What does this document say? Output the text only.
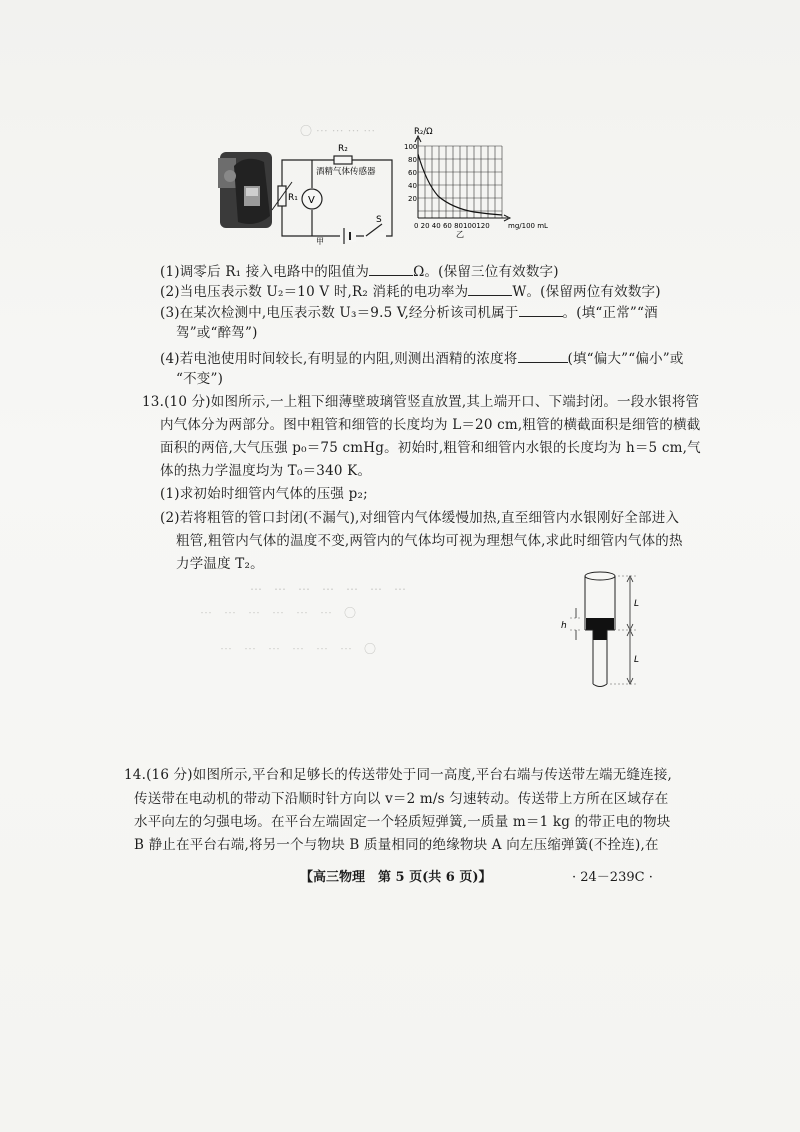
〇 ⋯ ⋯ ⋯ ⋯
R₂
酒精气体传感器
R₁ V
S
甲
R₂/Ω
100
80
60
40
20
0 20 40 60 80100120	mg/100 mL
乙
(1)调零后 R₁ 接入电路中的阻值为	Ω。(保留三位有效数字)
(2)当电压表示数 U₂＝10 V 时,R₂ 消耗的电功率为	W。(保留两位有效数字)
(3)在某次检测中,电压表示数 U₃＝9.5 V,经分析该司机属于	。(填“正常”“酒
驾”或“醉驾”)
(4)若电池使用时间较长,有明显的内阻,则测出酒精的浓度将	(填“偏大”“偏小”或
“不变”)
13.(10 分)如图所示,一上粗下细薄壁玻璃管竖直放置,其上端开口、下端封闭。一段水银将管
内气体分为两部分。图中粗管和细管的长度均为 L＝20 cm,粗管的横截面积是细管的横截
面积的两倍,大气压强 p₀＝75 cmHg。初始时,粗管和细管内水银的长度均为 h＝5 cm,气
体的热力学温度均为 T₀＝340 K。
(1)求初始时细管内气体的压强 p₂;
(2)若将粗管的管口封闭(不漏气),对细管内气体缓慢加热,直至细管内水银刚好全部进入
粗管,粗管内气体的温度不变,两管内的气体均可视为理想气体,求此时细管内气体的热
力学温度 T₂。
⋯　⋯　⋯　⋯　⋯　⋯　⋯
⋯　⋯　⋯　⋯　⋯　⋯　〇
⋯　⋯　⋯　⋯　⋯　⋯　〇
L
L
h
14.(16 分)如图所示,平台和足够长的传送带处于同一高度,平台右端与传送带左端无缝连接,
传送带在电动机的带动下沿顺时针方向以 v＝2 m/s 匀速转动。传送带上方所在区域存在
水平向左的匀强电场。在平台左端固定一个轻质短弹簧,一质量 m＝1 kg 的带正电的物块
B 静止在平台右端,将另一个与物块 B 质量相同的绝缘物块 A 向左压缩弹簧(不拴连),在
【高三物理　第 5 页(共 6 页)】	· 24－239C ·
